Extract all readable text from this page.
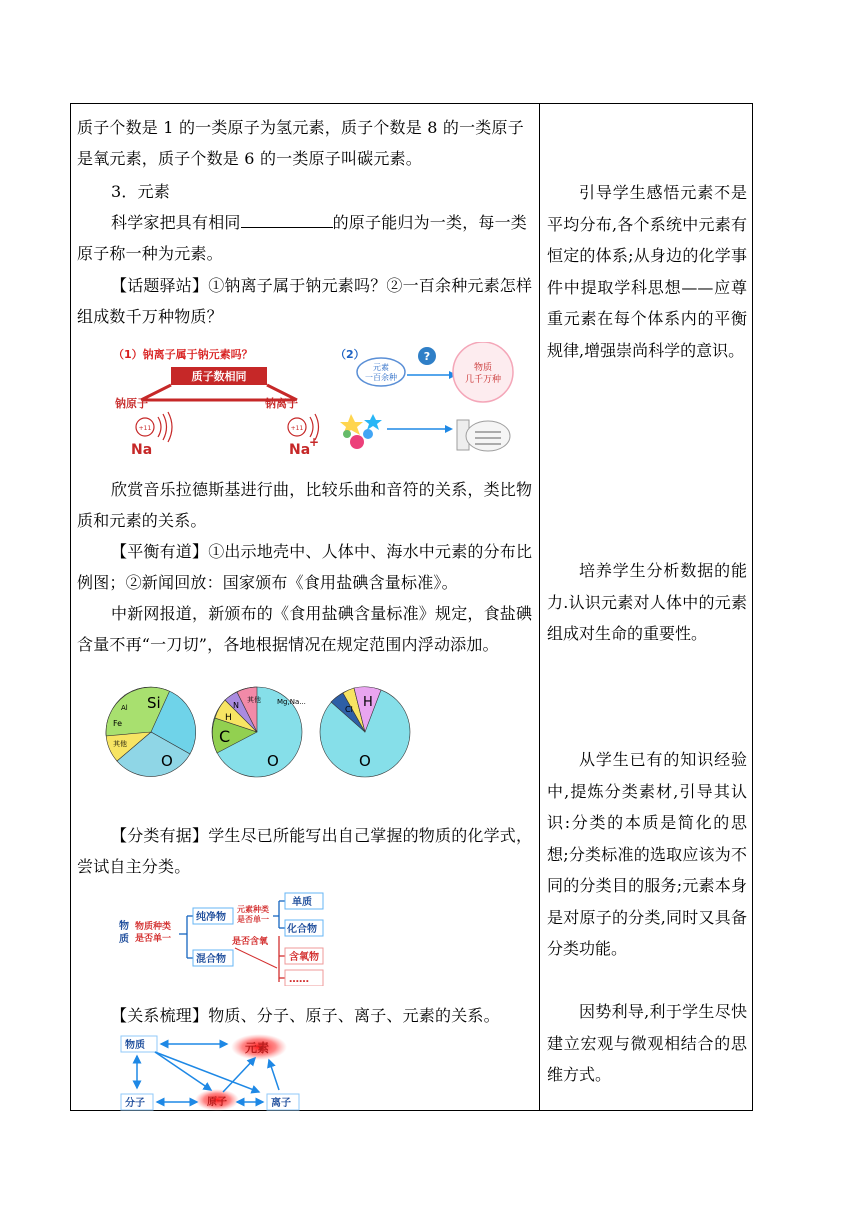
质子个数是 1 的一类原子为氢元素，质子个数是 8 的一类原子是氧元素，质子个数是 6 的一类原子叫碳元素。

3．元素

科学家把具有相同	的原子能归为一类，每一类原子称一种为元素。

【话题驿站】①钠离子属于钠元素吗？②一百余种元素怎样组成数千万种物质？

（1）钠离子属于钠元素吗？
质子数相同
钠原子	钠离子
+11
Na
+11
Na
+
（2）
元素
一百余种
?
物质
几千万种

欣赏音乐拉德斯基进行曲，比较乐曲和音符的关系，类比物质和元素的关系。

【平衡有道】①出示地壳中、人体中、海水中元素的分布比例图；②新闻回放：国家颁布《食用盐碘含量标准》。

中新网报道，新颁布的《食用盐碘含量标准》规定，食盐碘含量不再“一刀切”，各地根据情况在规定范围内浮动添加。

Si
Al
Fe
其他
O
其他
N
H
C
O
Mg,Na...
Cl H
O

【分类有据】学生尽已所能写出自己掌握的物质的化学式，尝试自主分类。

物
质
物质种类
是否单一
纯净物
混合物
元素种类
是否单一
单质
化合物
是否含氧
含氧物
……

【关系梳理】物质、分子、原子、离子、元素的关系。

物质	元素
分子	原子	离子

引导学生感悟元素不是平均分布,各个系统中元素有恒定的体系;从身边的化学事件中提取学科思想——应尊重元素在每个体系内的平衡规律,增强崇尚科学的意识。

培养学生分析数据的能力.认识元素对人体中的元素组成对生命的重要性。

从学生已有的知识经验中,提炼分类素材,引导其认识:分类的本质是简化的思想;分类标准的选取应该为不同的分类目的服务;元素本身是对原子的分类,同时又具备分类功能。

因势利导,利于学生尽快建立宏观与微观相结合的思维方式。
